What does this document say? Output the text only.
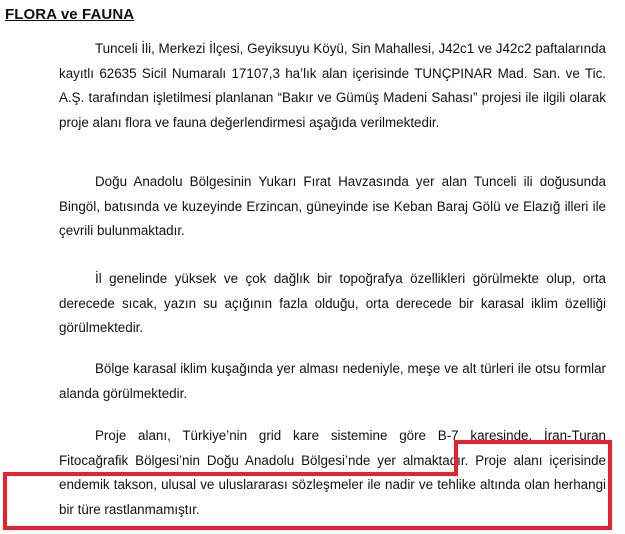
FLORA ve FAUNA

Tunceli İli, Merkezi İlçesi, Geyiksuyu Köyü, Sin Mahallesi, J42c1 ve J42c2 paftalarında kayıtlı 62635 Sicil Numaralı 17107,3 ha’lık alan içerisinde TUNÇPINAR Mad. San. ve Tic. A.Ş. tarafından işletilmesi planlanan “Bakır ve Gümüş Madeni Sahası” projesi ile ilgili olarak proje alanı flora ve fauna değerlendirmesi aşağıda verilmektedir.

Doğu Anadolu Bölgesinin Yukarı Fırat Havzasında yer alan Tunceli ili doğusunda Bingöl, batısında ve kuzeyinde Erzincan, güneyinde ise Keban Baraj Gölü ve Elazığ illeri ile çevrili bulunmaktadır.

İl genelinde yüksek ve çok dağlık bir topoğrafya özellikleri görülmekte olup, orta derecede sıcak, yazın su açığının fazla olduğu, orta derecede bir karasal iklim özelliği görülmektedir.

Bölge karasal iklim kuşağında yer alması nedeniyle, meşe ve alt türleri ile otsu formlar alanda görülmektedir.

Proje alanı, Türkiye’nin grid kare sistemine göre B-7 karesinde, İran-Turan Fitocağrafik Bölgesi’nin Doğu Anadolu Bölgesi’nde yer almaktadır. Proje alanı içerisinde endemik takson, ulusal ve uluslararası sözleşmeler ile nadir ve tehlike altında olan herhangi bir türe rastlanmamıştır.
